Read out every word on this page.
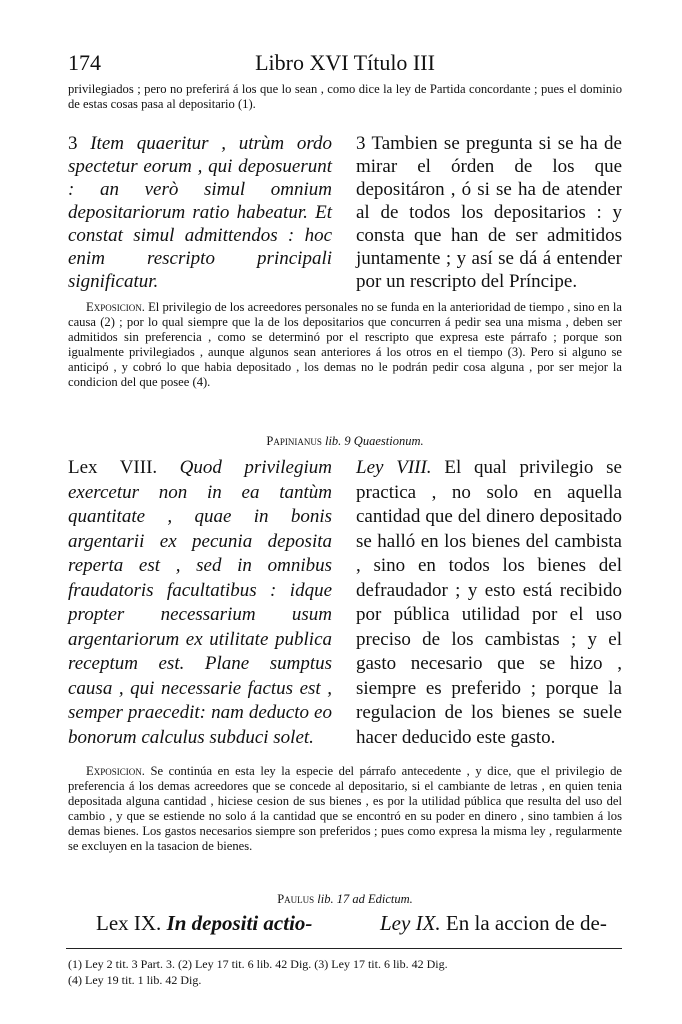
174	Libro XVI Título III
privilegiados ; pero no preferirá á los que lo sean , como dice la ley de Partida concordante ; pues el dominio de estas cosas pasa al depositario (1).
3 Item quaeritur , utrùm ordo spectetur eorum , qui deposuerunt : an verò simul omnium depositariorum ratio habeatur. Et constat simul admittendos : hoc enim rescripto principali significatur.
3 Tambien se pregunta si se ha de mirar el órden de los que depositáron , ó si se ha de atender al de todos los depositarios : y consta que han de ser admitidos juntamente ; y así se dá á entender por un rescripto del Príncipe.
Exposicion. El privilegio de los acreedores personales no se funda en la anterioridad de tiempo , sino en la causa (2) ; por lo qual siempre que la de los depositarios que concurren á pedir sea una misma , deben ser admitidos sin preferencia , como se determinó por el rescripto que expresa este párrafo ; porque son igualmente privilegiados , aunque algunos sean anteriores á los otros en el tiempo (3). Pero si alguno se anticipó , y cobró lo que habia depositado , los demas no le podrán pedir cosa alguna , por ser mejor la condicion del que posee (4).
Papinianus lib. 9 Quaestionum.
Lex VIII. Quod privilegium exercetur non in ea tantùm quantitate , quae in bonis argentarii ex pecunia deposita reperta est , sed in omnibus fraudatoris facultatibus : idque propter necessarium usum argentariorum ex utilitate publica receptum est. Plane sumptus causa , qui necessarie factus est , semper praecedit: nam deducto eo bonorum calculus subduci solet.
Ley VIII. El qual privilegio se practica , no solo en aquella cantidad que del dinero depositado se halló en los bienes del cambista , sino en todos los bienes del defraudador ; y esto está recibido por pública utilidad por el uso preciso de los cambistas ; y el gasto necesario que se hizo , siempre es preferido ; porque la regulacion de los bienes se suele hacer deducido este gasto.
Exposicion. Se continúa en esta ley la especie del párrafo antecedente , y dice, que el privilegio de preferencia á los demas acreedores que se concede al depositario, si el cambiante de letras , en quien tenia depositada alguna cantidad , hiciese cesion de sus bienes , es por la utilidad pública que resulta del uso del cambio , y que se estiende no solo á la cantidad que se encontró en su poder en dinero , sino tambien á los demas bienes. Los gastos necesarios siempre son preferidos ; pues como expresa la misma ley , regularmente se excluyen en la tasacion de bienes.
Paulus lib. 17 ad Edictum.
Lex IX. In depositi actio-	Ley IX. En la accion de de-
(1) Ley 2 tit. 3 Part. 3. (2) Ley 17 tit. 6 lib. 42 Dig. (3) Ley 17 tit. 6 lib. 42 Dig.
(4) Ley 19 tit. 1 lib. 42 Dig.
